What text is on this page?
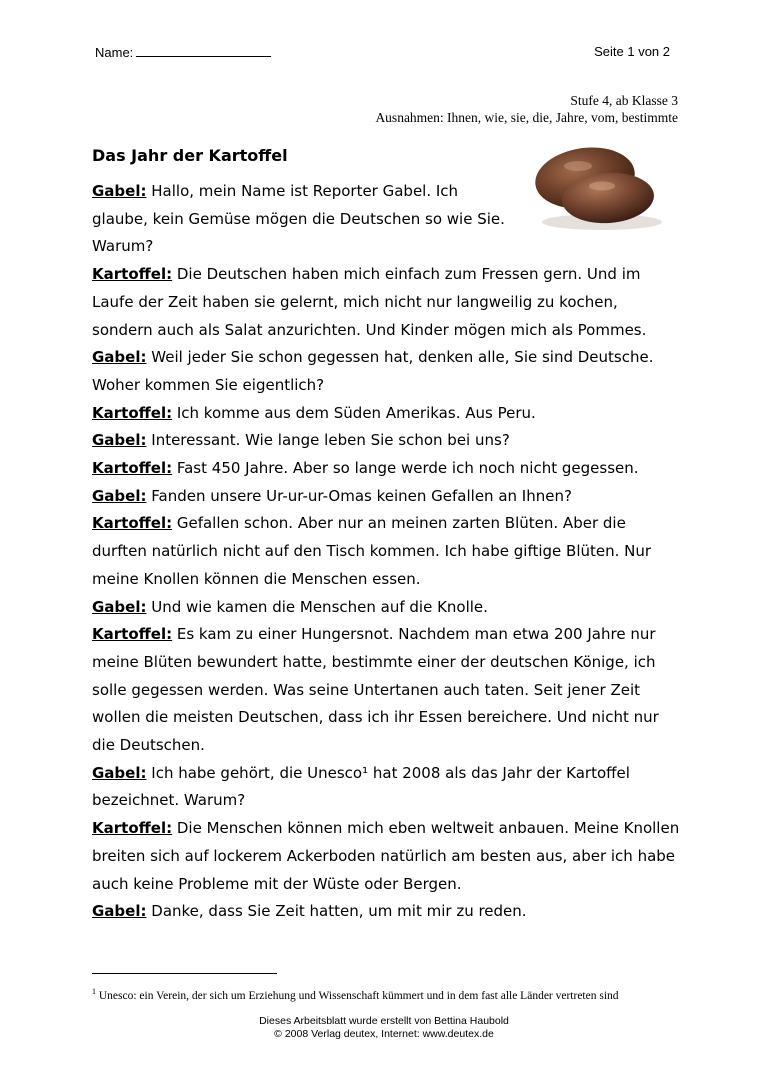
Name:	Seite 1 von 2
Stufe 4, ab Klasse 3
Ausnahmen: Ihnen, wie, sie, die, Jahre, vom, bestimmte
Das Jahr der Kartoffel

Gabel: Hallo, mein Name ist Reporter Gabel. Ich
glaube, kein Gemüse mögen die Deutschen so wie Sie.
Warum?

Kartoffel: Die Deutschen haben mich einfach zum Fressen gern. Und im Laufe der Zeit haben sie gelernt, mich nicht nur langweilig zu kochen, sondern auch als Salat anzurichten. Und Kinder mögen mich als Pommes.

Gabel: Weil jeder Sie schon gegessen hat, denken alle, Sie sind Deutsche. Woher kommen Sie eigentlich?

Kartoffel: Ich komme aus dem Süden Amerikas. Aus Peru.

Gabel: Interessant. Wie lange leben Sie schon bei uns?

Kartoffel: Fast 450 Jahre. Aber so lange werde ich noch nicht gegessen.

Gabel: Fanden unsere Ur-ur-ur-Omas keinen Gefallen an Ihnen?

Kartoffel: Gefallen schon. Aber nur an meinen zarten Blüten. Aber die durften natürlich nicht auf den Tisch kommen. Ich habe giftige Blüten. Nur meine Knollen können die Menschen essen.

Gabel: Und wie kamen die Menschen auf die Knolle.

Kartoffel: Es kam zu einer Hungersnot. Nachdem man etwa 200 Jahre nur meine Blüten bewundert hatte, bestimmte einer der deutschen Könige, ich solle gegessen werden. Was seine Untertanen auch taten. Seit jener Zeit wollen die meisten Deutschen, dass ich ihr Essen bereichere. Und nicht nur die Deutschen.

Gabel: Ich habe gehört, die Unesco¹ hat 2008 als das Jahr der Kartoffel bezeichnet. Warum?

Kartoffel: Die Menschen können mich eben weltweit anbauen. Meine Knollen breiten sich auf lockerem Ackerboden natürlich am besten aus, aber ich habe auch keine Probleme mit der Wüste oder Bergen.

Gabel: Danke, dass Sie Zeit hatten, um mit mir zu reden.

$^1$ Unesco: ein Verein, der sich um Erziehung und Wissenschaft kümmert und in dem fast alle Länder vertreten sind
Dieses Arbeitsblatt wurde erstellt von Bettina Haubold
© 2008 Verlag deutex, Internet: www.deutex.de
